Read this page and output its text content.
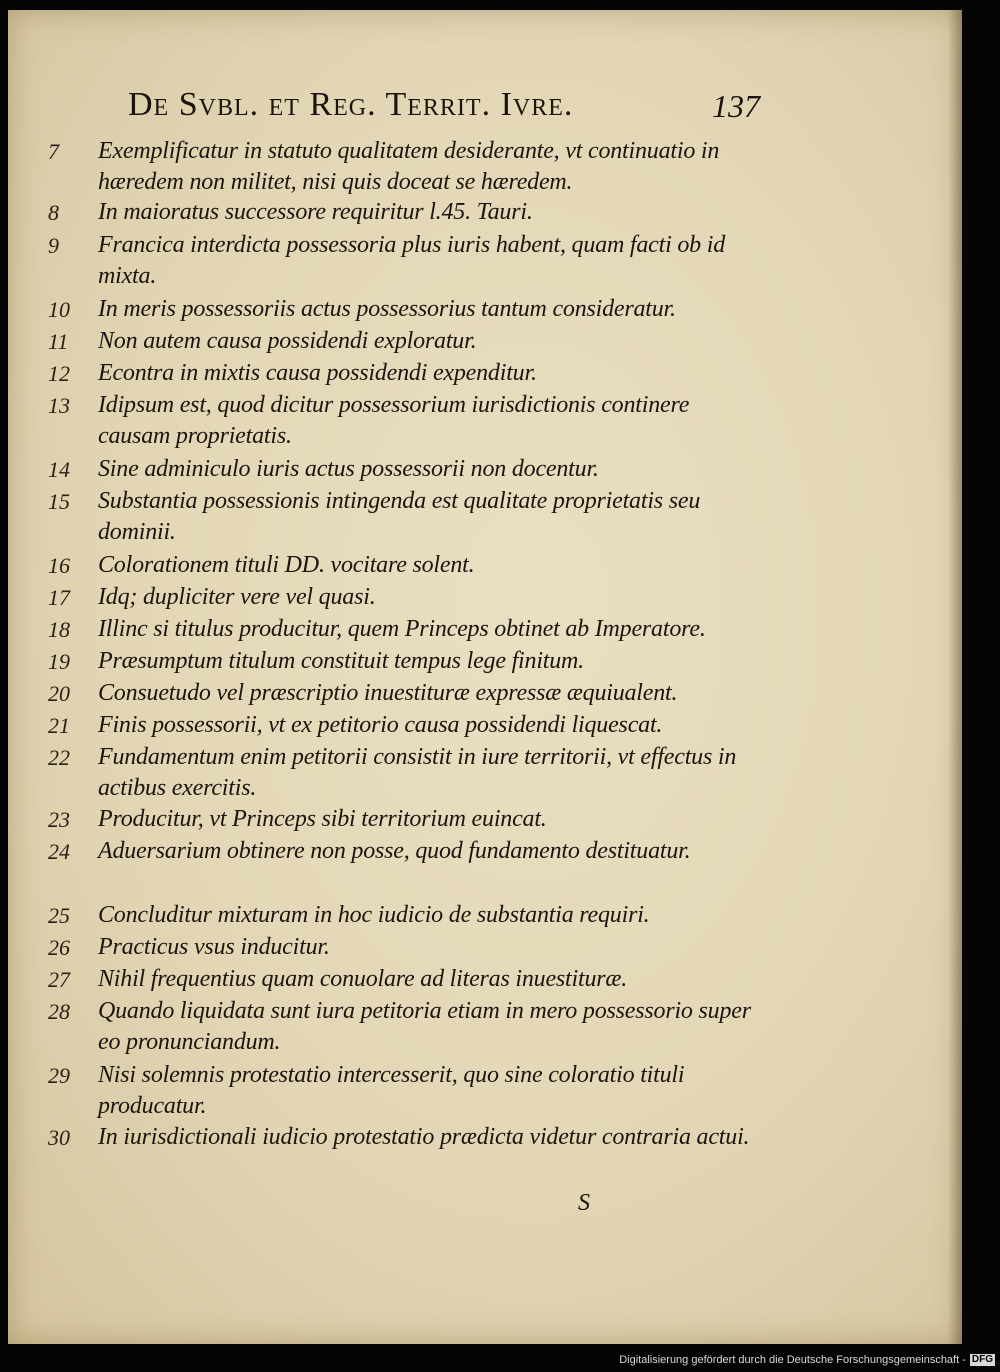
De Svbl. et Reg. Territ. Ivre.	137
7	Exemplificatur in statuto qualitatem desiderante, vt continuatio in hæredem non militet, nisi quis doceat se hæredem.
8	In maioratus successore requiritur l.45. Tauri.
9	Francica interdicta possessoria plus iuris habent, quam facti ob id mixta.
10	In meris possessoriis actus possessorius tantum consideratur.
11	Non autem causa possidendi exploratur.
12	Econtra in mixtis causa possidendi expenditur.
13	Idipsum est, quod dicitur possessorium iurisdictionis continere causam proprietatis.
14	Sine adminiculo iuris actus possessorii non docentur.
15	Substantia possessionis intingenda est qualitate proprietatis seu dominii.
16	Colorationem tituli DD. vocitare solent.
17	Idq; dupliciter vere vel quasi.
18	Illinc si titulus producitur, quem Princeps obtinet ab Imperatore.
19	Præsumptum titulum constituit tempus lege finitum.
20	Consuetudo vel præscriptio inuestituræ expressæ æquiualent.
21	Finis possessorii, vt ex petitorio causa possidendi liquescat.
22	Fundamentum enim petitorii consistit in iure territorii, vt effectus in actibus exercitis.
23	Producitur, vt Princeps sibi territorium euincat.
24	Aduersarium obtinere non posse, quod fundamento destituatur.
25	Concluditur mixturam in hoc iudicio de substantia requiri.
26	Practicus vsus inducitur.
27	Nihil frequentius quam conuolare ad literas inuestituræ.
28	Quando liquidata sunt iura petitoria etiam in mero possessorio super eo pronunciandum.
29	Nisi solemnis protestatio intercesserit, quo sine coloratio tituli producatur.
30	In iurisdictionali iudicio protestatio prædicta videtur contraria actui.
S
Digitalisierung gefördert durch die Deutsche Forschungsgemeinschaft - DFG
